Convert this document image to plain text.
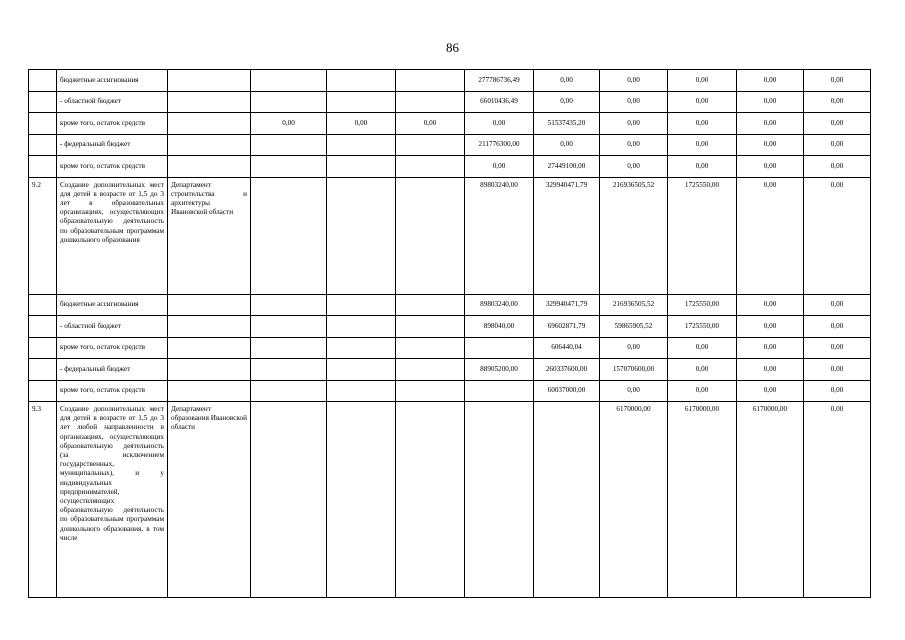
86
	бюджетные ассигнования					277786736,49	0,00	0,00	0,00	0,00	0,00
	- областной бюджет					66010436,49	0,00	0,00	0,00	0,00	0,00
	кроме того, остаток средств		0,00	0,00	0,00	0,00	51537435,20	0,00	0,00	0,00	0,00
	- федеральный бюджет					211776300,00	0,00	0,00	0,00	0,00	0,00
	кроме того, остаток средств					0,00	27449100,00	0,00	0,00	0,00	0,00
9.2	Создание дополнительных мест для детей в возрасте от 1,5 до 3 лет в образовательных организациях, осуществляющих образовательную деятельность по образовательным программам дошкольного образования	Департамент строительства и архитектуры Ивановской области				89803240,00	329940471,79	216936505,52	1725550,00	0,00	0,00
	бюджетные ассигнования					89803240,00	329940471,79	216936505,52	1725550,00	0,00	0,00
	- областной бюджет					898040,00	69602871,79	59865905,52	1725550,00	0,00	0,00
	кроме того, остаток средств						606440,04	0,00	0,00	0,00	0,00
	- федеральный бюджет					88905200,00	260337600,00	157070600,00	0,00	0,00	0,00
	кроме того, остаток средств						60037000,00	0,00	0,00	0,00	0,00
9.3	Создание дополнительных мест для детей в возрасте от 1,5 до 3 лет любой направленности в организациях, осуществляющих образовательную деятельность (за исключением государственных, муниципальных), и у индивидуальных предпринимателей, осуществляющих образовательную деятельность по образовательным программам дошкольного образования, в том числе	Департамент образования Ивановской области						6170000,00	6170000,00	6170000,00	0,00
